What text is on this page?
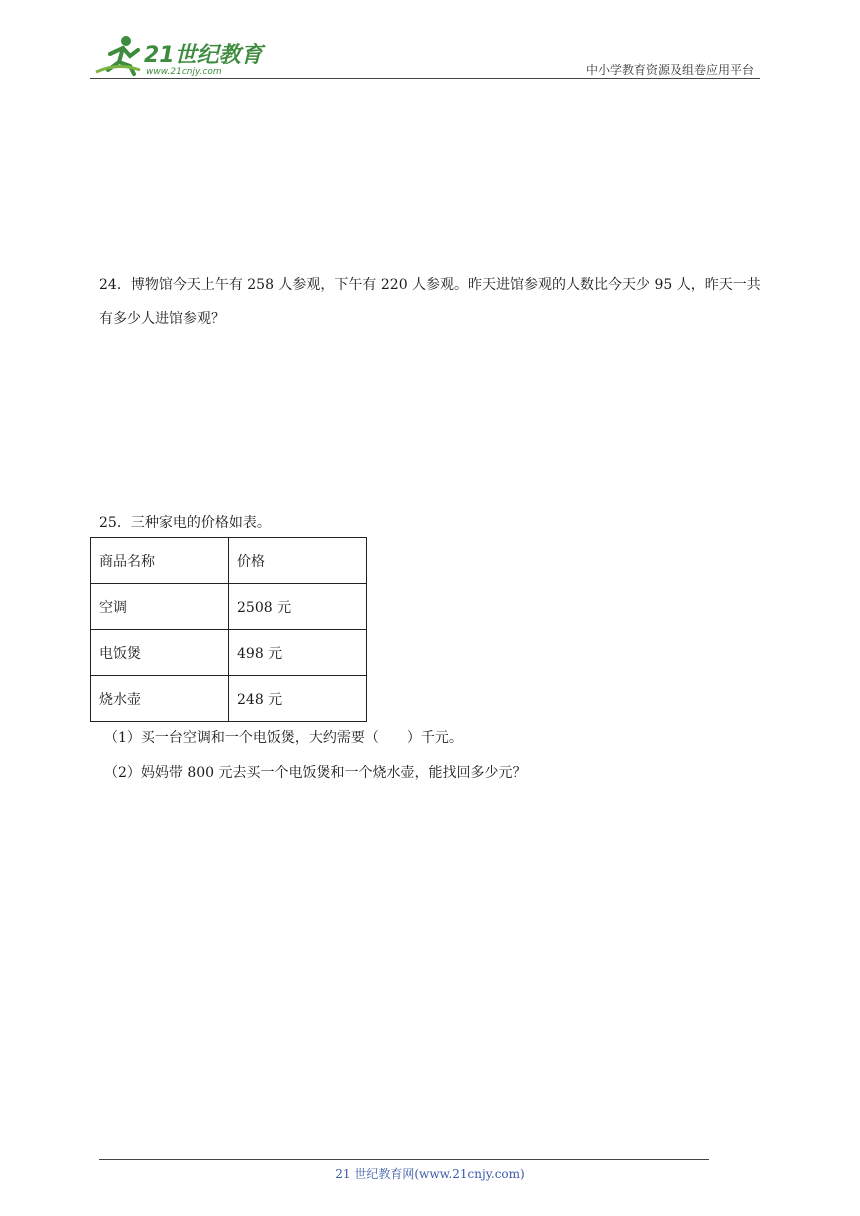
21世纪教育
www.21cnjy.com	中小学教育资源及组卷应用平台
24．博物馆今天上午有 258 人参观，下午有 220 人参观。昨天进馆参观的人数比今天少 95 人，昨天一共有多少人进馆参观？
25．三种家电的价格如表。
商品名称	价格
空调	2508 元
电饭煲	498 元
烧水壶	248 元
（1）买一台空调和一个电饭煲，大约需要（ ）千元。
（2）妈妈带 800 元去买一个电饭煲和一个烧水壶，能找回多少元？
21 世纪教育网(www.21cnjy.com)
